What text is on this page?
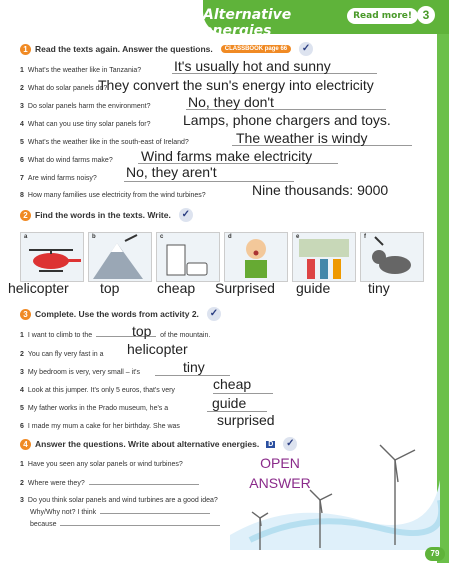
Alternative energies
Read more! 3
1 Read the texts again. Answer the questions.	CLASSBOOK page 66	✓
1 What's the weather like in Tanzania? It's usually hot and sunny
2 What do solar panels do?
They convert the sun's energy into electricity
3 Do solar panels harm the environment?	No, they don't
4 What can you use tiny solar panels for? Lamps, phone chargers and toys.
5 What's the weather like in the south-east of Ireland?	The weather is windy
6 What do wind farms make? Wind farms make electricity
7 Are wind farms noisy? No, they aren't
8 How many families use electricity from the wind turbines?	Nine thousands: 9000
2 Find the words in the texts. Write. ✓
a	b	c	d	e	f
helicopter top	cheap Surprised guide	tiny
3 Complete. Use the words from activity 2. ✓
1 I want to climb to the	of the mountain.
top
2 You can fly very fast in a helicopter
3 My bedroom is very, very small – it's	tiny
4 Look at this jumper. It's only 5 euros, that's very	cheap
5 My father works in the Prado museum, he's a	guide
6 I made my mum a cake for her birthday. She was	surprised
4 Answer the questions. Write about alternative energies. D ✓
1 Have you seen any solar panels or wind turbines?
2 Where were they?
3 Do you think solar panels and wind turbines are a good idea?
Why/Why not? I think
because
OPEN ANSWER
79
